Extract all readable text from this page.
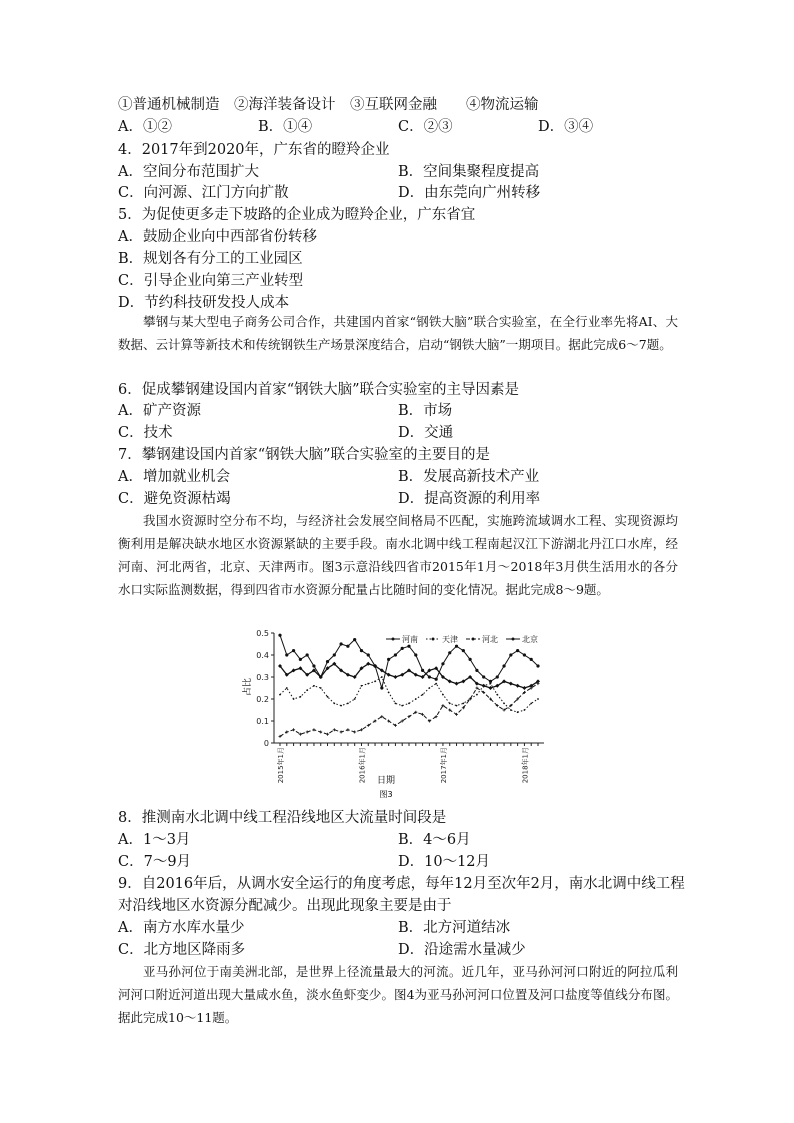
①普通机械制造　②海洋装备设计　③互联网金融　　④物流运输
A．①②	B．①④	C．②③	D．③④
4．2017年到2020年，广东省的瞪羚企业
A．空间分布范围扩大	B．空间集聚程度提高
C．向河源、江门方向扩散	D．由东莞向广州转移
5．为促使更多走下坡路的企业成为瞪羚企业，广东省宜
A．鼓励企业向中西部省份转移
B．规划各有分工的工业园区
C．引导企业向第三产业转型
D．节约科技研发投人成本
攀钢与某大型电子商务公司合作，共建国内首家“钢铁大脑”联合实验室，在全行业率先将AI、大数据、云计算等新技术和传统钢铁生产场景深度结合，启动“钢铁大脑”一期项目。据此完成6～7题。
6．促成攀钢建设国内首家“钢铁大脑”联合实验室的主导因素是
A．矿产资源	B．市场
C．技术	D．交通
7．攀钢建设国内首家“钢铁大脑”联合实验室的主要目的是
A．增加就业机会	B．发展高新技术产业
C．避免资源枯竭	D．提高资源的利用率
我国水资源时空分布不均，与经济社会发展空间格局不匹配，实施跨流域调水工程、实现资源均衡利用是解决缺水地区水资源紧缺的主要手段。南水北调中线工程南起汉江下游湖北丹江口水库，经河南、河北两省，北京、天津两市。图3示意沿线四省市2015年1月～2018年3月供生活用水的各分水口实际监测数据，得到四省市水资源分配量占比随时间的变化情况。据此完成8～9题。
0
0.1
0.2
0.3
0.4
0.5
2015年1月	2016年1月	2017年1月	2018年1月
河南	天津	河北	北京
占比
日期
图3
8．推测南水北调中线工程沿线地区大流量时间段是
A．1～3月	B．4～6月
C．7～9月	D．10～12月
9．自2016年后，从调水安全运行的角度考虑，每年12月至次年2月，南水北调中线工程
对沿线地区水资源分配减少。出现此现象主要是由于
A．南方水库水量少	B．北方河道结冰
C．北方地区降雨多	D．沿途需水量减少
亚马孙河位于南美洲北部，是世界上径流量最大的河流。近几年，亚马孙河河口附近的阿拉瓜利河河口附近河道出现大量咸水鱼，淡水鱼虾变少。图4为亚马孙河河口位置及河口盐度等值线分布图。据此完成10～11题。
